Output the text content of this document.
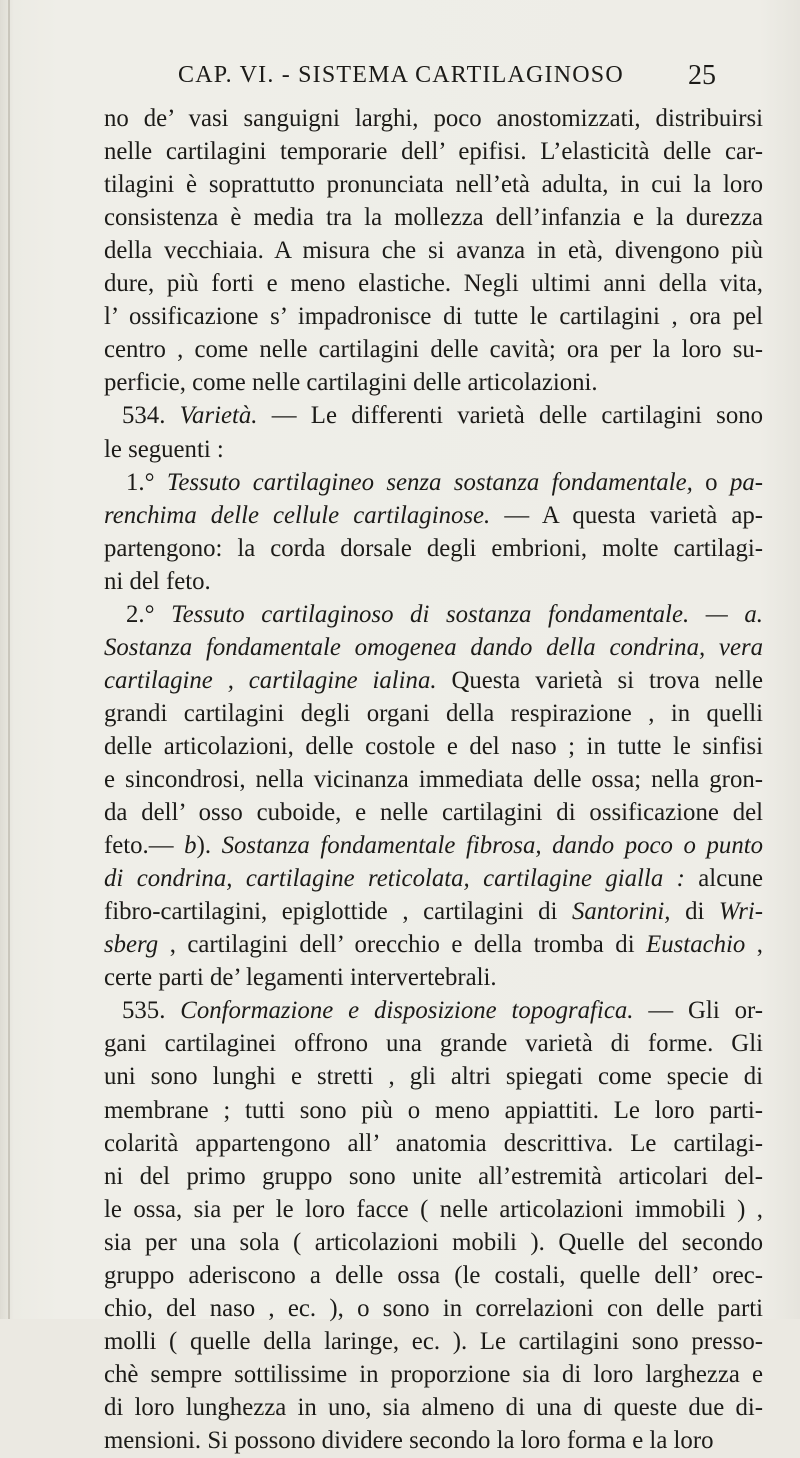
CAP. VI. - SISTEMA CARTILAGINOSO 25
no de’ vasi sanguigni larghi, poco anostomizzati, distribuirsi
nelle cartilagini temporarie dell’ epifisi. L’elasticità delle car-
tilagini è soprattutto pronunciata nell’età adulta, in cui la loro
consistenza è media tra la mollezza dell’infanzia e la durezza
della vecchiaia. A misura che si avanza in età, divengono più
dure, più forti e meno elastiche. Negli ultimi anni della vita,
l’ ossificazione s’ impadronisce di tutte le cartilagini , ora pel
centro , come nelle cartilagini delle cavità; ora per la loro su-
perficie, come nelle cartilagini delle articolazioni.
534. Varietà. — Le differenti varietà delle cartilagini sono
le seguenti :
1.° Tessuto cartilagineo senza sostanza fondamentale, o pa-
renchima delle cellule cartilaginose. — A questa varietà ap-
partengono: la corda dorsale degli embrioni, molte cartilagi-
ni del feto.
2.° Tessuto cartilaginoso di sostanza fondamentale. — a.
Sostanza fondamentale omogenea dando della condrina, vera
cartilagine , cartilagine ialina. Questa varietà si trova nelle
grandi cartilagini degli organi della respirazione , in quelli
delle articolazioni, delle costole e del naso ; in tutte le sinfisi
e sincondrosi, nella vicinanza immediata delle ossa; nella gron-
da dell’ osso cuboide, e nelle cartilagini di ossificazione del
feto.— b). Sostanza fondamentale fibrosa, dando poco o punto
di condrina, cartilagine reticolata, cartilagine gialla : alcune
fibro-cartilagini, epiglottide , cartilagini di Santorini, di Wri-
sberg , cartilagini dell’ orecchio e della tromba di Eustachio ,
certe parti de’ legamenti intervertebrali.
535. Conformazione e disposizione topografica. — Gli or-
gani cartilaginei offrono una grande varietà di forme. Gli
uni sono lunghi e stretti , gli altri spiegati come specie di
membrane ; tutti sono più o meno appiattiti. Le loro parti-
colarità appartengono all’ anatomia descrittiva. Le cartilagi-
ni del primo gruppo sono unite all’estremità articolari del-
le ossa, sia per le loro facce ( nelle articolazioni immobili ) ,
sia per una sola ( articolazioni mobili ). Quelle del secondo
gruppo aderiscono a delle ossa (le costali, quelle dell’ orec-
chio, del naso , ec. ), o sono in correlazioni con delle parti
molli ( quelle della laringe, ec. ). Le cartilagini sono presso-
chè sempre sottilissime in proporzione sia di loro larghezza e
di loro lunghezza in uno, sia almeno di una di queste due di-
mensioni. Si possono dividere secondo la loro forma e la loro
